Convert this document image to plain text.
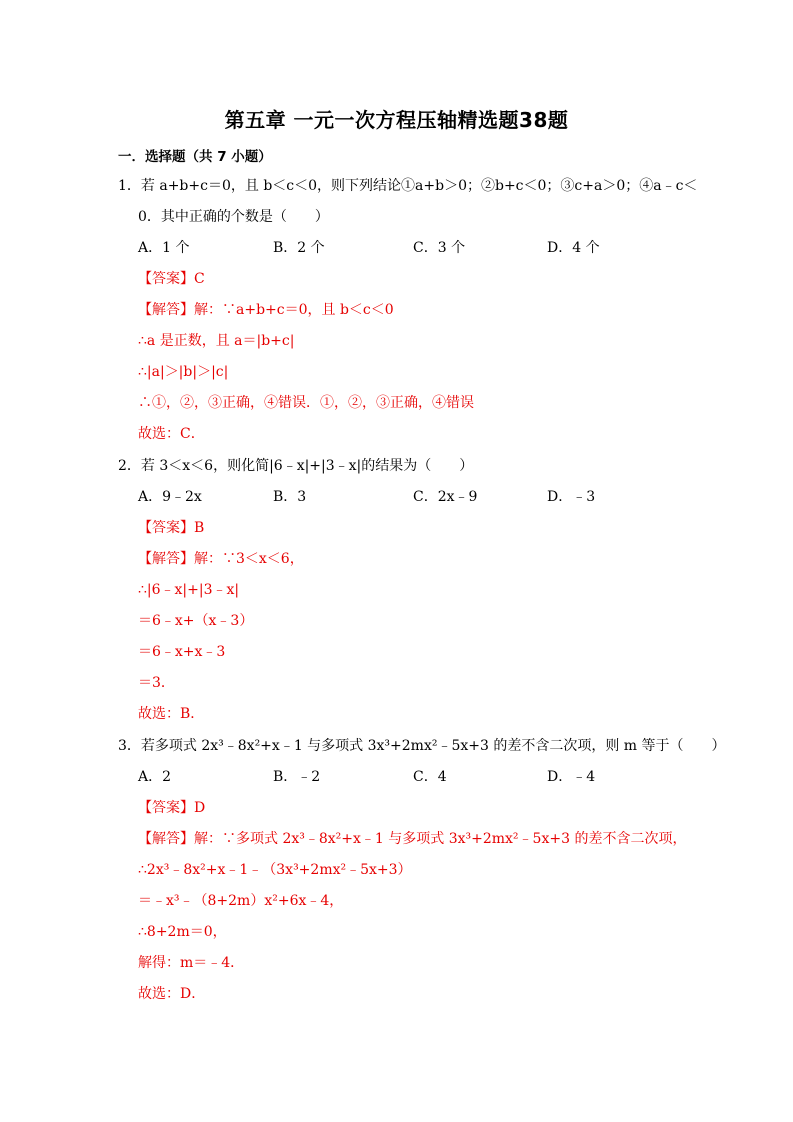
第五章 一元一次方程压轴精选题38题
一．选择题（共 7 小题）
1．若 a+b+c＝0，且 b＜c＜0，则下列结论①a+b＞0；②b+c＜0；③c+a＞0；④a﹣c＜
0．其中正确的个数是（　　）
A．1 个	B．2 个	C．3 个	D．4 个
【答案】C
【解答】解：∵a+b+c＝0，且 b＜c＜0
∴a 是正数，且 a＝|b+c|
∴|a|＞|b|＞|c|
∴①，②，③正确，④错误．①，②，③正确，④错误
故选：C．
2．若 3＜x＜6，则化简|6﹣x|+|3﹣x|的结果为（　　）
A．9﹣2x	B．3	C．2x﹣9	D．﹣3
【答案】B
【解答】解：∵3＜x＜6，
∴|6﹣x|+|3﹣x|
＝6﹣x+（x﹣3）
＝6﹣x+x﹣3
＝3．
故选：B．
3．若多项式 2x³﹣8x²+x﹣1 与多项式 3x³+2mx²﹣5x+3 的差不含二次项，则 m 等于（　　）
A．2	B．﹣2	C．4	D．﹣4
【答案】D
【解答】解：∵多项式 2x³﹣8x²+x﹣1 与多项式 3x³+2mx²﹣5x+3 的差不含二次项，
∴2x³﹣8x²+x﹣1﹣（3x³+2mx²﹣5x+3）
＝﹣x³﹣（8+2m）x²+6x﹣4，
∴8+2m＝0，
解得：m＝﹣4．
故选：D．
